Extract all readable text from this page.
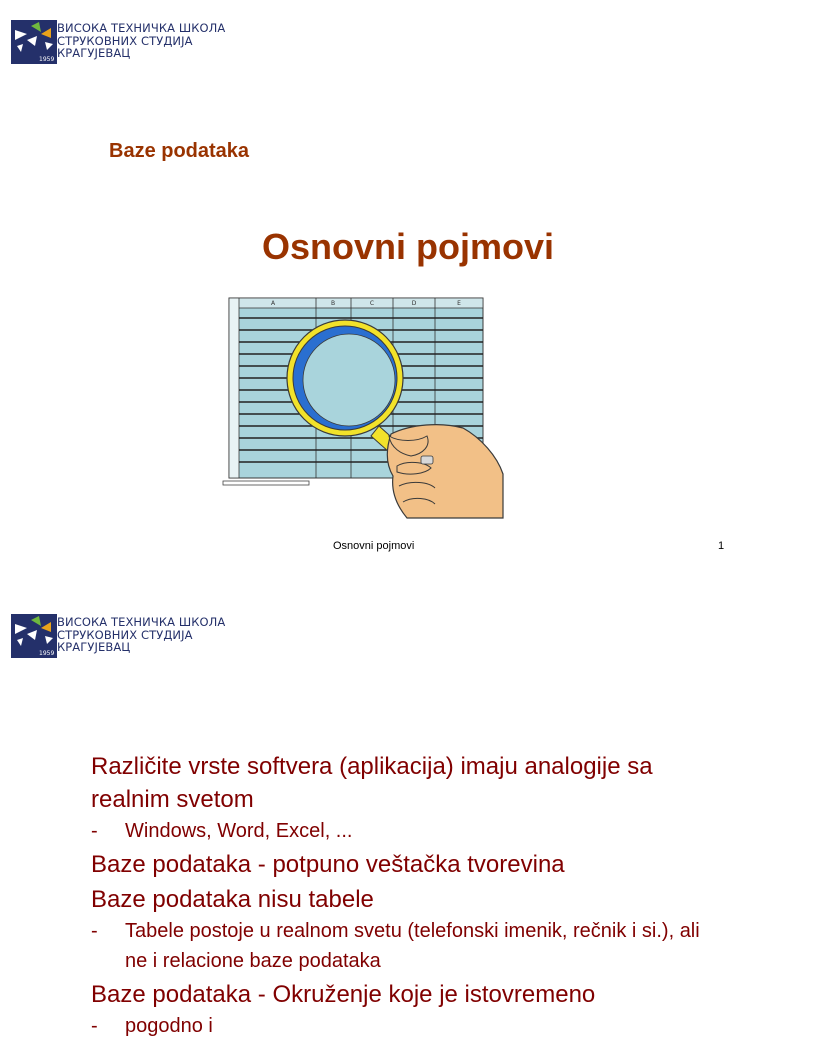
1959
ВИСОКА ТЕХНИЧКА ШКОЛА
СТРУКОВНИХ СТУДИЈА
КРАГУЈЕВАЦ
Baze podataka
Osnovni pojmovi
A	B	C	D	E
Osnovni pojmovi	1
1959
ВИСОКА ТЕХНИЧКА ШКОЛА
СТРУКОВНИХ СТУДИЈА
КРАГУЈЕВАЦ
Različite vrste softvera (aplikacija) imaju analogije sa realnim svetom
- Windows, Word, Excel, ...
Baze podataka - potpuno veštačka tvorevina
Baze podataka nisu tabele
- Tabele postoje u realnom svetu (telefonski imenik, rečnik i si.), ali ne i relacione baze podataka
Baze podataka - Okruženje koje je istovremeno
- pogodno i
